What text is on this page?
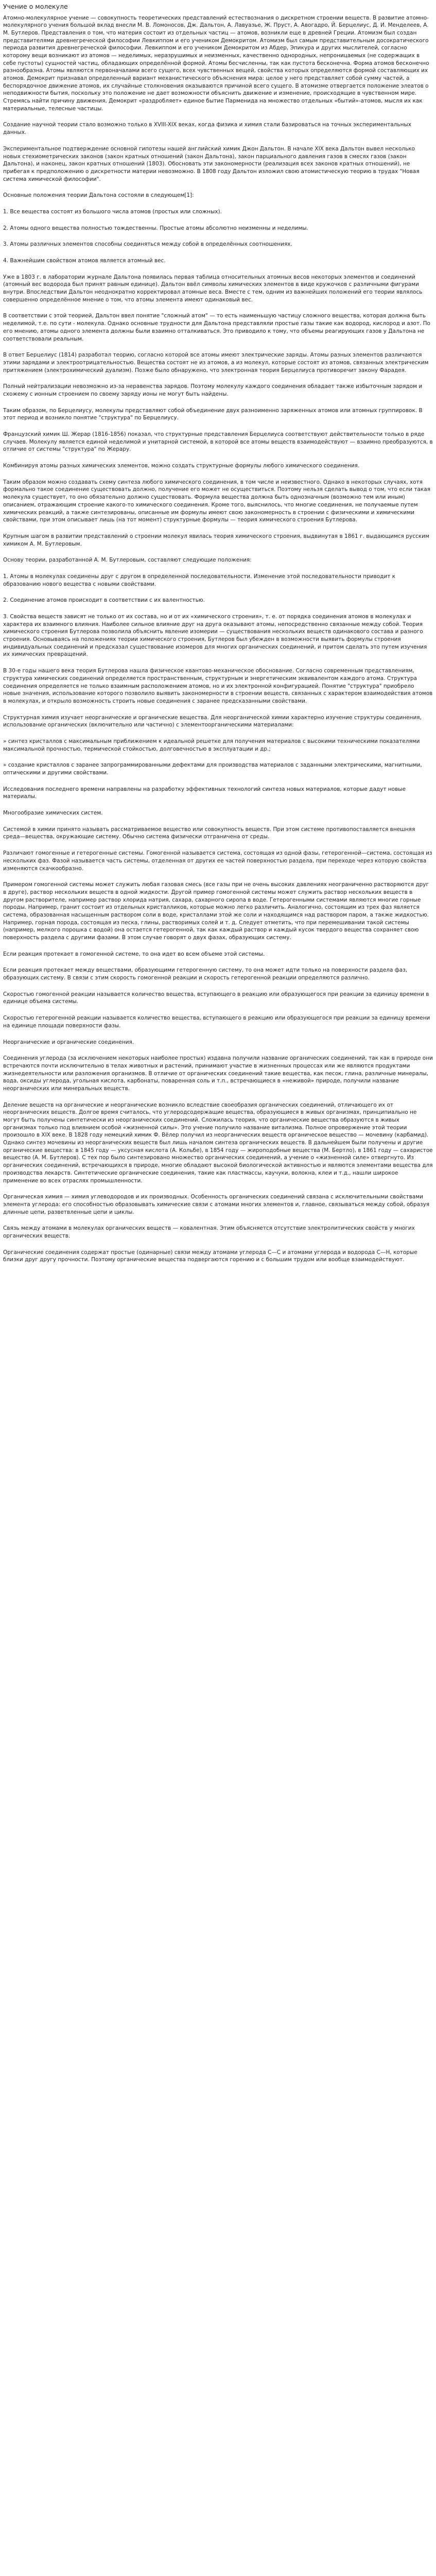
Учение о молекуле

Атомно-молекулярное учение — совокупность теоретических представлений естествознания о дискретном строении веществ. В развитие атомно-молекулярного учения большой вклад внесли М. В. Ломоносов, Дж. Дальтон, А. Лавуазье, Ж. Пруст, А. Авогадро, Й. Берцелиус, Д. И. Менделеев, А. М. Бутлеров. Представления о том, что материя состоит из отдельных частиц — атомов, возникли еще в древней Греции. Атомизм был создан представителями древнегреческой философии Левкиппом и его учеником Демокритом. Атомизм был самым представительным досократического периода развития древнегреческой философии. Левкиппом и его учеником Демокритом из Абдер, Эпикура и других мыслителей, согласно которому вещи возникают из атомов — неделимых, неразрушимых и неизменных, качественно однородных, непроницаемых (не содержащих в себе пустоты) сущностей частиц, обладающих определённой формой. Атомы бесчисленны, так как пустота бесконечна. Форма атомов бесконечно разнообразна. Атомы являются первоначалами всего сущего, всех чувственных вещей, свойства которых определяются формой составляющих их атомов. Демокрит признавал определенный вариант механистического объяснения мира: целое у него представляет собой сумму частей, а беспорядочное движение атомов, их случайные столкновения оказываются причиной всего сущего. В атомизме отвергается положение элеатов о неподвижности бытия, поскольку это положение не дает возможности объяснить движение и изменение, происходящие в чувственном мире. Стремясь найти причину движения, Демокрит «раздробляет» единое бытие Парменида на множество отдельных «бытий»-атомов, мысля их как материальные, телесные частицы.

Создание научной теории стало возможно только в XVIII-XIX веках, когда физика и химия стали базироваться на точных экспериментальных данных.

Экспериментальное подтверждение основной гипотезы нашей английский химик Джон Дальтон. В начале XIX века Дальтон вывел несколько новых стехиометрических законов (закон кратных отношений (закон Дальтона), закон парциального давления газов в смесях газов (закон Дальтона), и наконец, закон кратных отношений (1803). Обосновать эти закономерности (реализация всех законов кратных отношений), не прибегая к предположению о дискретности материи невозможно. В 1808 году Дальтон изложил свою атомистическую теорию в трудах "Новая система химической философии".

Основные положения теории Дальтона состояли в следующем[1]:

1. Все вещества состоят из большого числа атомов (простых или сложных).

2. Атомы одного вещества полностью тождественны. Простые атомы абсолютно неизменны и неделимы.

3. Атомы различных элементов способны соединяться между собой в определённых соотношениях.

4. Важнейшим свойством атомов является атомный вес.

Уже в 1803 г. в лаборатории журнале Дальтона появилась первая таблица относительных атомных весов некоторых элементов и соединений (атомный вес водорода был принят равным единице). Дальтон ввёл символы химических элементов в виде кружочков с различными фигурами внутри. Впоследствии Дальтон неоднократно корректировал атомные веса. Вместе с тем, одним из важнейших положений его теории являлось совершенно определённое мнение о том, что атомы элемента имеют одинаковый вес.

В соответствии с этой теорией, Дальтон ввел понятие "сложный атом" — то есть наименьшую частицу сложного вещества, которая должна быть неделимой, т.е. по сути - молекула. Однако основные трудности для Дальтона представляли простые газы такие как водород, кислород и азот. По его мнению, атомы одного элемента должны были взаимно отталкиваться. Это приводило к тому, что объемы реагирующих газов у Дальтона не соответствовали реальным.

В ответ Берцелиус (1814) разработал теорию, согласно которой все атомы имеют электрические заряды. Атомы разных элементов различаются этими зарядами и электроотрицательностью. Вещества состоят не из атомов, а из молекул, которые состоят из атомов, связанных электрическим притяжением (электрохимический дуализм). Позже было обнаружено, что электронная теория Берцелиуса противоречит закону Фарадея.

Полный нейтрализации невозможно из-за неравенства зарядов. Поэтому молекулу каждого соединения обладает также избыточным зарядом и схожему с ионным строением по своему заряду ионы не могут быть найдены.

Таким образом, по Берцелиусу, молекулы представляют собой объединение двух разноименно заряженных атомов или атомных группировок. В этот период и возникло понятие "структура" по Берцелиусу.

Французский химик Ш. Жерар (1816-1856) показал, что структурные представления Берцелиуса соответствуют действительности только в ряде случаев. Молекулу является единой неделимой и унитарной системой, в которой все атомы веществ взаимодействуют — взаимно преобразуются, в отличие от системы "структура" по Жерару.

Комбинируя атомы разных химических элементов, можно создать структурные формулы любого химического соединения.

Таким образом можно создавать схему синтеза любого химического соединения, в том числе и неизвестного. Однако в некоторых случаях, хотя формально такое соединение существовать должно, получение его может не осуществиться. Поэтому нельзя сделать вывод о том, что если такая молекула существует, то оно обязательно должно существовать. Формула вещества должна быть однозначным (возможно тем или иным) описанием, отражающим строение какого-то химического соединения. Кроме того, выяснилось, что многие соединения, не получаемые путем химических реакций, а также синтезированы, описанные им формулы имеют свою закономерность в строении с физическими и химическими свойствами, при этом описывает лишь (на тот момент) структурные формулы — теория химического строения Бутлерова.

Крупным шагом в развитии представлений о строении молекул явилась теория химического строения, выдвинутая в 1861 г. выдающимся русским химиком А. М. Бутлеровым.

Основу теории, разработанной А. М. Бутлеровым, составляют следующие положения:

1. Атомы в молекулах соединены друг с другом в определенной последовательности. Изменение этой последовательности приводит к образованию нового вещества с новыми свойствами.

2. Соединение атомов происходит в соответствии с их валентностью.

3. Свойства веществ зависят не только от их состава, но и от их «химического строения», т. е. от порядка соединения атомов в молекулах и характера их взаимного влияния. Наиболее сильное влияние друг на друга оказывают атомы, непосредственно связанные между собой. Теория химического строения Бутлерова позволила объяснить явление изомерии — существования нескольких веществ одинакового состава и разного строения. Основываясь на положениях теории химического строения, Бутлеров был убежден в возможности выявить формулы строения индивидуальных соединений и предсказал существование изомеров для многих органических соединений, и притом сделать это путем изучения их химических превращений.

В 30-е годы нашего века теория Бутлерова нашла физическое квантово-механическое обоснование. Согласно современным представлениям, структура химических соединений определяется пространственным, структурным и энергетическим эквивалентом каждого атома. Структура соединения определяется не только взаимным расположением атомов, но и их электронной конфигурацией. Понятие "структура" приобрело новые значения, использование которого позволило выявить закономерности в строении веществ, связанных с характером взаимодействия атомов в молекулах, и открыло возможность строить новые соединения с заранее предсказанными свойствами.

Структурная химия изучает неорганические и органические вещества. Для неорганической химии характерно изучение структуры соединения, использование органических (включительно или частично) с элементоорганическими материалами:

» синтез кристаллов с максимальным приближением к идеальной решетке для получения материалов с высокими техническими показателями максимальной прочностью, термической стойкостью, долговечностью в эксплуатации и др.;

» создание кристаллов с заранее запрограммированными дефектами для производства материалов с заданными электрическими, магнитными, оптическими и другими свойствами.

Исследования последнего времени направлены на разработку эффективных технологий синтеза новых материалов, которые дадут новые материалы.

Многообразие химических систем.

Системой в химии принято называть рассматриваемое вещество или совокупность веществ. При этом системе противопоставляется внешняя среда—вещества, окружающие систему. Обычно система физически отграничена от среды.

Различают гомогенные и гетерогенные системы. Гомогенной называется система, состоящая из одной фазы, гетерогенной—система, состоящая из нескольких фаз. Фазой называется часть системы, отделенная от других ее частей поверхностью раздела, при переходе через которую свойства изменяются скачкообразно.

Примером гомогенной системы может служить любая газовая смесь (все газы при не очень высоких давлениях неограниченно растворяются друг в друге), раствор нескольких веществ в одной жидкости. Другой пример гомогенной системы может служить раствор нескольких веществ в другом растворителе, например раствор хлорида натрия, сахара, сахарного сиропа в воде. Гетерогенными системами являются многие горные породы. Например, гранит состоит из отдельных кристалликов, которые можно легко различить. Аналогично, состоящим из трех фаз является система, образованная насыщенным раствором соли в воде, кристаллами этой же соли и находящимся над раствором паром, а также жидкостью. Например, горная порода, состоящая из песка, глины, растворимых солей и т. д. Следует отметить, что при перемешивании такой системы (например, мелкого порошка с водой) она остается гетерогенной, так как каждый раствор и каждый кусок твердого вещества сохраняет свою поверхность раздела с другими фазами. В этом случае говорят о двух фазах, образующих систему.

Если реакция протекает в гомогенной системе, то она идет во всем объеме этой системы.

Если реакция протекает между веществами, образующими гетерогенную систему, то она может идти только на поверхности раздела фаз, образующих систему. В связи с этим скорость гомогенной реакции и скорость гетерогенной реакции определяются различно.

Скоростью гомогенной реакции называется количество вещества, вступающего в реакцию или образующегося при реакции за единицу времени в единице объема системы.

Скоростью гетерогенной реакции называется количество вещества, вступающего в реакцию или образующегося при реакции за единицу времени на единице площади поверхности фазы.

Неорганические и органические соединения.

Соединения углерода (за исключением некоторых наиболее простых) издавна получили название органических соединений, так как в природе они встречаются почти исключительно в телах животных и растений, принимают участие в жизненных процессах или же являются продуктами жизнедеятельности или разложения организмов. В отличие от органических соединений такие вещества, как песок, глина, различные минералы, вода, оксиды углерода, угольная кислота, карбонаты, поваренная соль и т.п., встречающиеся в «неживой» природе, получили название неорганических или минеральных веществ.

Деление веществ на органические и неорганические возникло вследствие своеобразия органических соединений, отличающего их от неорганических веществ. Долгое время считалось, что углеродсодержащие вещества, образующиеся в живых организмах, принципиально не могут быть получены синтетически из неорганических соединений. Сложилась теория, что органические вещества образуются в живых организмах только под влиянием особой «жизненной силы». Это учение получило название витализма. Полное опровержение этой теории произошло в XIX веке. В 1828 году немецкий химик Ф. Вёлер получил из неорганических веществ органическое вещество — мочевину (карбамид). Однако синтез мочевины из неорганических веществ был лишь началом синтеза органических веществ. В дальнейшем были получены и другие органические вещества: в 1845 году — уксусная кислота (А. Кольбе), в 1854 году — жироподобные вещества (М. Бертло), в 1861 году — сахаристое вещество (А. М. Бутлеров). С тех пор было синтезировано множество органических соединений, а учение о «жизненной силе» отвергнуто. Из органических соединений, встречающихся в природе, многие обладают высокой биологической активностью и являются элементами вещества для производства лекарств. Синтетические органические соединения, такие как пластмассы, каучуки, волокна, клеи и т.д., нашли широкое применение во всех отраслях промышленности.

Органическая химия — химия углеводородов и их производных. Особенность органических соединений связана с исключительными свойствами элемента углерода: его способностью образовывать химические связи с атомами многих элементов и, главное, связываться между собой, образуя длинные цепи, разветвленные цепи и циклы.

Связь между атомами в молекулах органических веществ — ковалентная. Этим объясняется отсутствие электролитических свойств у многих органических веществ.

Органические соединения содержат простые (одинарные) связи между атомами углерода С—С и атомами углерода и водорода С—Н, которые близки друг другу прочности. Поэтому органические вещества подвергаются горению и с большим трудом или вообще взаимодействуют.
